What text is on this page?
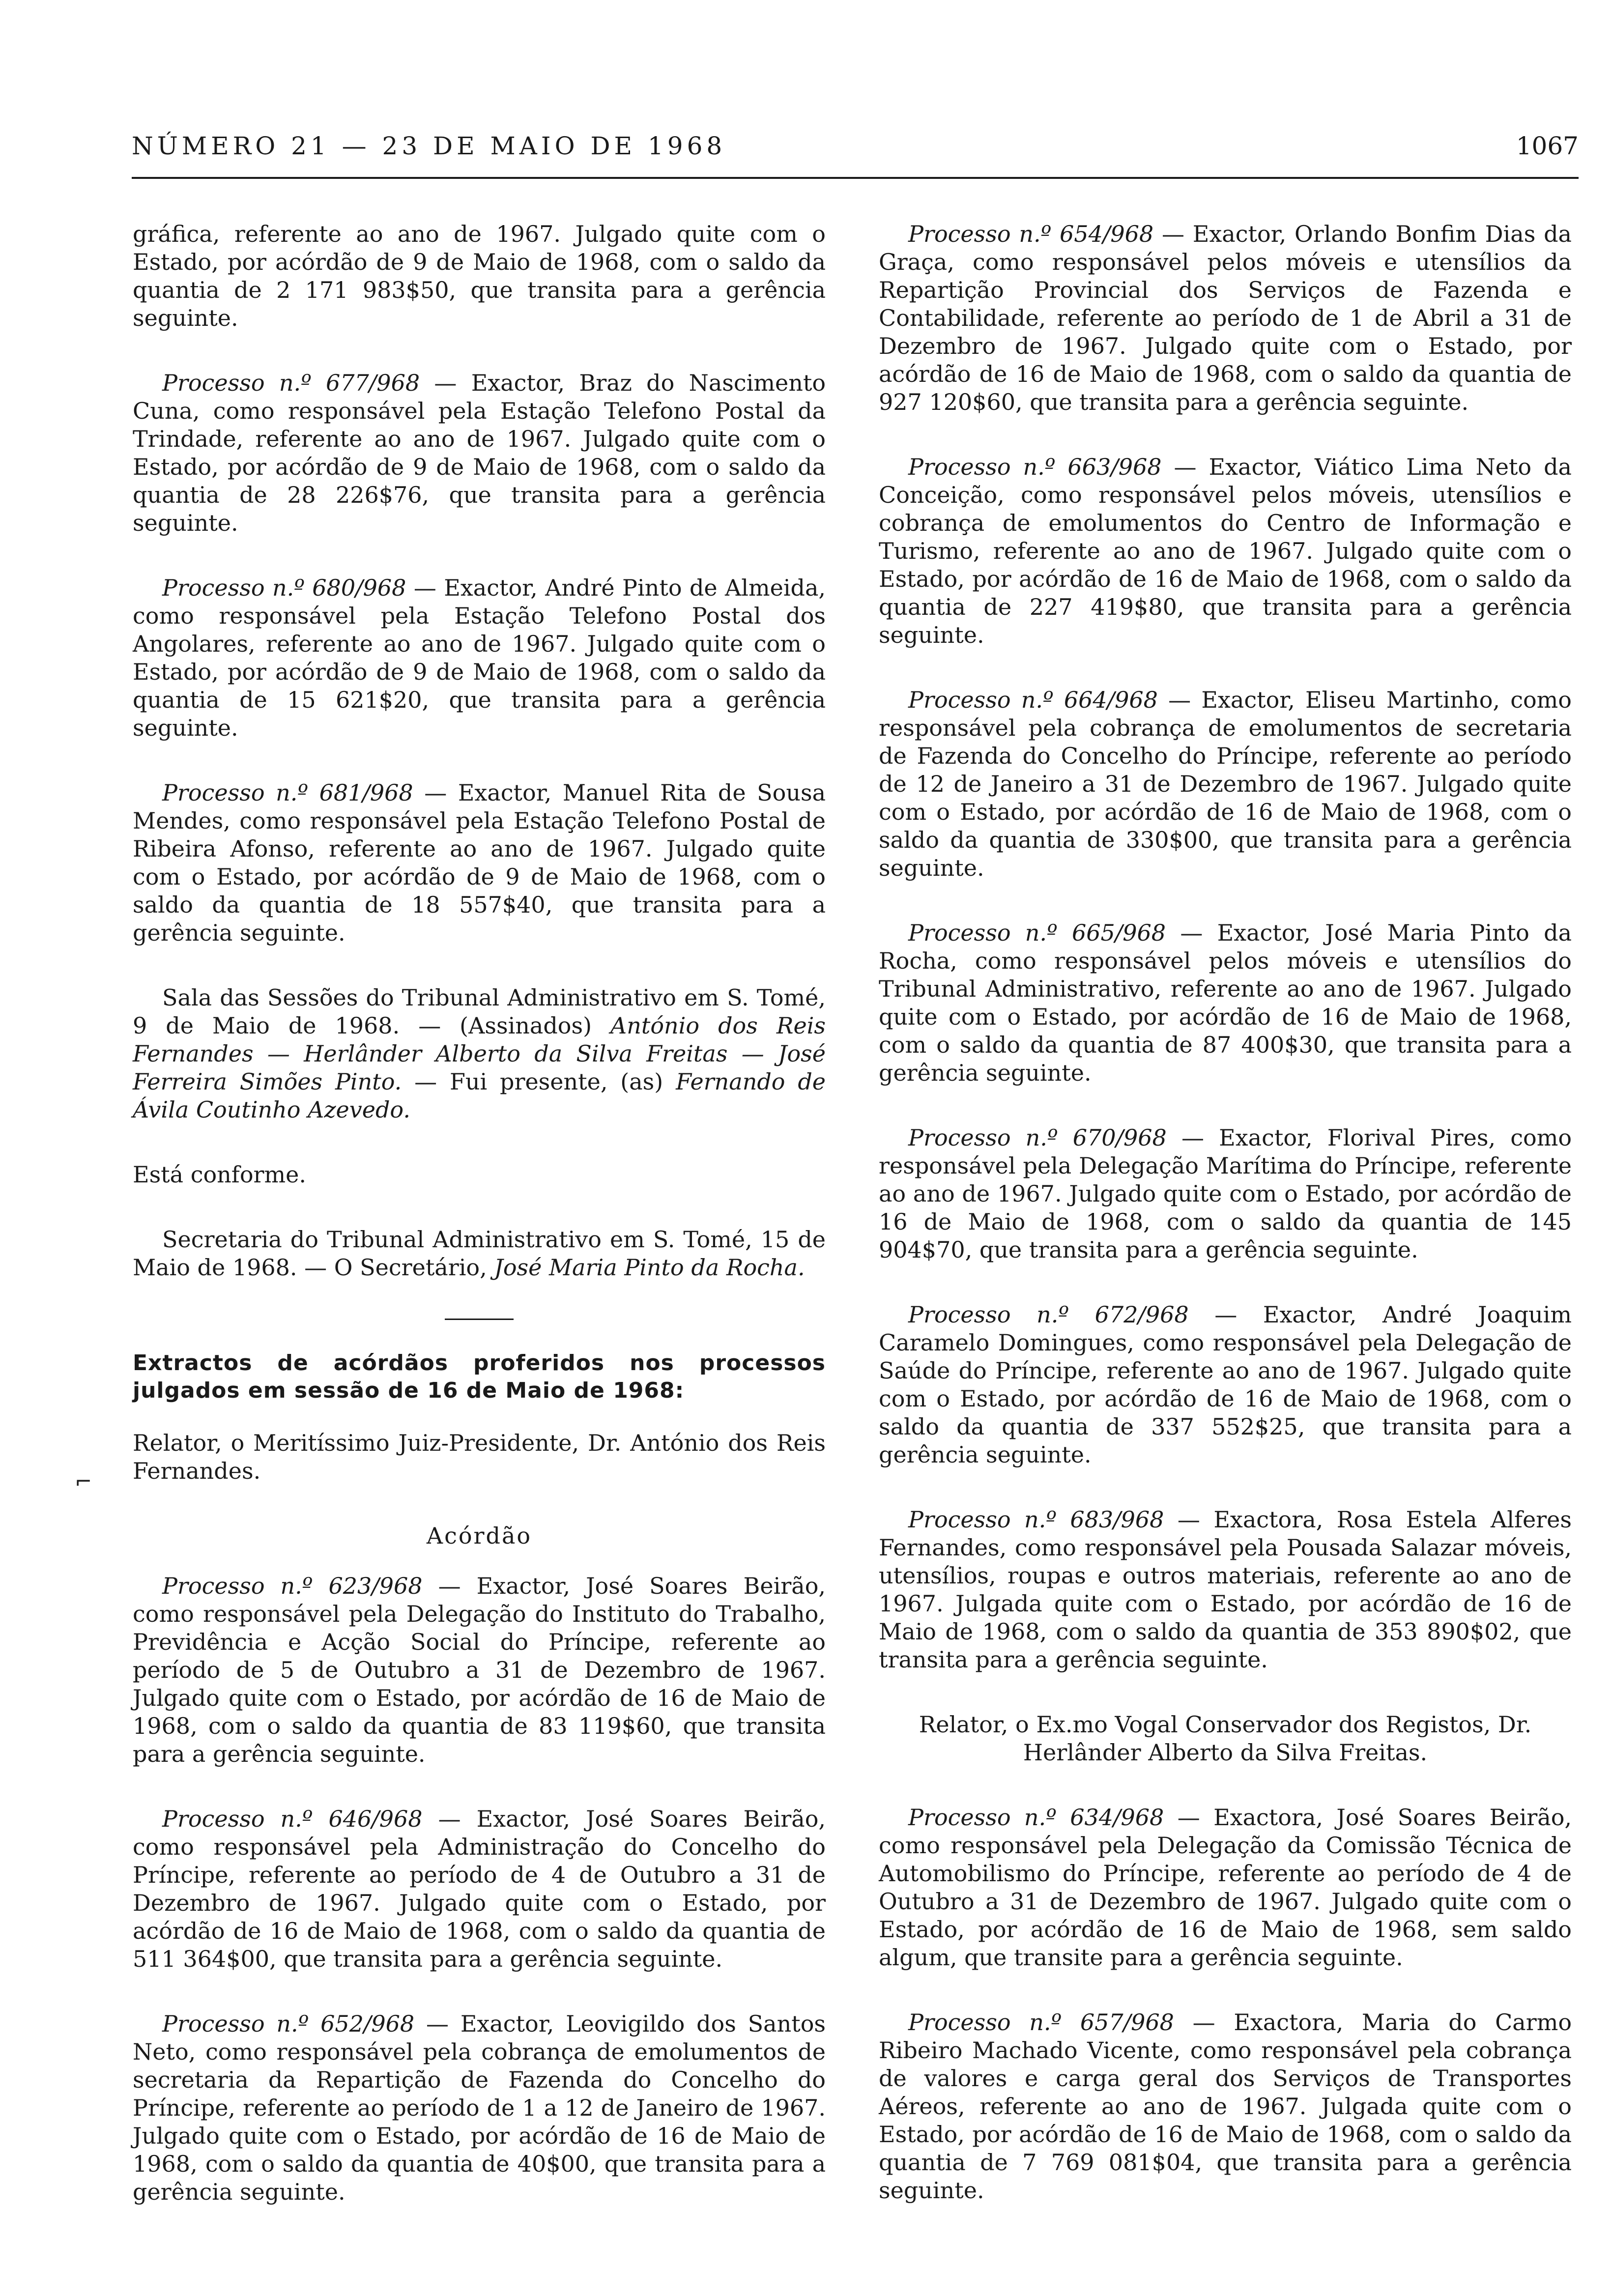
NÚMERO 21 — 23 DE MAIO DE 1968	1067
⌐

gráfica, referente ao ano de 1967. Julgado quite com o Estado, por acórdão de 9 de Maio de 1968, com o saldo da quantia de 2 171 983$50, que transita para a gerência seguinte.

Processo n.º 677/968 — Exactor, Braz do Nascimento Cuna, como responsável pela Estação Telefono Postal da Trindade, referente ao ano de 1967. Julgado quite com o Estado, por acórdão de 9 de Maio de 1968, com o saldo da quantia de 28 226$76, que transita para a gerência seguinte.
Processo n.º 680/968 — Exactor, André Pinto de Almeida, como responsável pela Estação Telefono Postal dos Angolares, referente ao ano de 1967. Julgado quite com o Estado, por acórdão de 9 de Maio de 1968, com o saldo da quantia de 15 621$20, que transita para a gerência seguinte.
Processo n.º 681/968 — Exactor, Manuel Rita de Sousa Mendes, como responsável pela Estação Telefono Postal de Ribeira Afonso, referente ao ano de 1967. Julgado quite com o Estado, por acórdão de 9 de Maio de 1968, com o saldo da quantia de 18 557$40, que transita para a gerência seguinte.
Sala das Sessões do Tribunal Administrativo em S. Tomé, 9 de Maio de 1968. — (Assinados) António dos Reis Fernandes — Herlânder Alberto da Silva Freitas — José Ferreira Simões Pinto. — Fui presente, (as) Fernando de Ávila Coutinho Azevedo.

Está conforme.

Secretaria do Tribunal Administrativo em S. Tomé, 15 de Maio de 1968. — O Secretário, José Maria Pinto da Rocha.
Extractos de acórdãos proferidos nos processos julgados em sessão de 16 de Maio de 1968:

Relator, o Meritíssimo Juiz-Presidente, Dr. António dos Reis Fernandes.

Acórdão
Processo n.º 623/968 — Exactor, José Soares Beirão, como responsável pela Delegação do Instituto do Trabalho, Previdência e Acção Social do Príncipe, referente ao período de 5 de Outubro a 31 de Dezembro de 1967. Julgado quite com o Estado, por acórdão de 16 de Maio de 1968, com o saldo da quantia de 83 119$60, que transita para a gerência seguinte.
Processo n.º 646/968 — Exactor, José Soares Beirão, como responsável pela Administração do Concelho do Príncipe, referente ao período de 4 de Outubro a 31 de Dezembro de 1967. Julgado quite com o Estado, por acórdão de 16 de Maio de 1968, com o saldo da quantia de 511 364$00, que transita para a gerência seguinte.
Processo n.º 652/968 — Exactor, Leovigildo dos Santos Neto, como responsável pela cobrança de emolumentos de secretaria da Repartição de Fazenda do Concelho do Príncipe, referente ao período de 1 a 12 de Janeiro de 1967. Julgado quite com o Estado, por acórdão de 16 de Maio de 1968, com o saldo da quantia de 40$00, que transita para a gerência seguinte.
Processo n.º 654/968 — Exactor, Orlando Bonfim Dias da Graça, como responsável pelos móveis e utensílios da Repartição Provincial dos Serviços de Fazenda e Contabilidade, referente ao período de 1 de Abril a 31 de Dezembro de 1967. Julgado quite com o Estado, por acórdão de 16 de Maio de 1968, com o saldo da quantia de 927 120$60, que transita para a gerência seguinte.
Processo n.º 663/968 — Exactor, Viático Lima Neto da Conceição, como responsável pelos móveis, utensílios e cobrança de emolumentos do Centro de Informação e Turismo, referente ao ano de 1967. Julgado quite com o Estado, por acórdão de 16 de Maio de 1968, com o saldo da quantia de 227 419$80, que transita para a gerência seguinte.
Processo n.º 664/968 — Exactor, Eliseu Martinho, como responsável pela cobrança de emolumentos de secretaria de Fazenda do Concelho do Príncipe, referente ao período de 12 de Janeiro a 31 de Dezembro de 1967. Julgado quite com o Estado, por acórdão de 16 de Maio de 1968, com o saldo da quantia de 330$00, que transita para a gerência seguinte.
Processo n.º 665/968 — Exactor, José Maria Pinto da Rocha, como responsável pelos móveis e utensílios do Tribunal Administrativo, referente ao ano de 1967. Julgado quite com o Estado, por acórdão de 16 de Maio de 1968, com o saldo da quantia de 87 400$30, que transita para a gerência seguinte.
Processo n.º 670/968 — Exactor, Florival Pires, como responsável pela Delegação Marítima do Príncipe, referente ao ano de 1967. Julgado quite com o Estado, por acórdão de 16 de Maio de 1968, com o saldo da quantia de 145 904$70, que transita para a gerência seguinte.
Processo n.º 672/968 — Exactor, André Joaquim Caramelo Domingues, como responsável pela Delegação de Saúde do Príncipe, referente ao ano de 1967. Julgado quite com o Estado, por acórdão de 16 de Maio de 1968, com o saldo da quantia de 337 552$25, que transita para a gerência seguinte.
Processo n.º 683/968 — Exactora, Rosa Estela Alferes Fernandes, como responsável pela Pousada Salazar móveis, utensílios, roupas e outros materiais, referente ao ano de 1967. Julgada quite com o Estado, por acórdão de 16 de Maio de 1968, com o saldo da quantia de 353 890$02, que transita para a gerência seguinte.

Relator, o Ex.mo Vogal Conservador dos Registos, Dr. Herlânder Alberto da Silva Freitas.

Processo n.º 634/968 — Exactora, José Soares Beirão, como responsável pela Delegação da Comissão Técnica de Automobilismo do Príncipe, referente ao período de 4 de Outubro a 31 de Dezembro de 1967. Julgado quite com o Estado, por acórdão de 16 de Maio de 1968, sem saldo algum, que transite para a gerência seguinte.
Processo n.º 657/968 — Exactora, Maria do Carmo Ribeiro Machado Vicente, como responsável pela cobrança de valores e carga geral dos Serviços de Transportes Aéreos, referente ao ano de 1967. Julgada quite com o Estado, por acórdão de 16 de Maio de 1968, com o saldo da quantia de 7 769 081$04, que transita para a gerência seguinte.
